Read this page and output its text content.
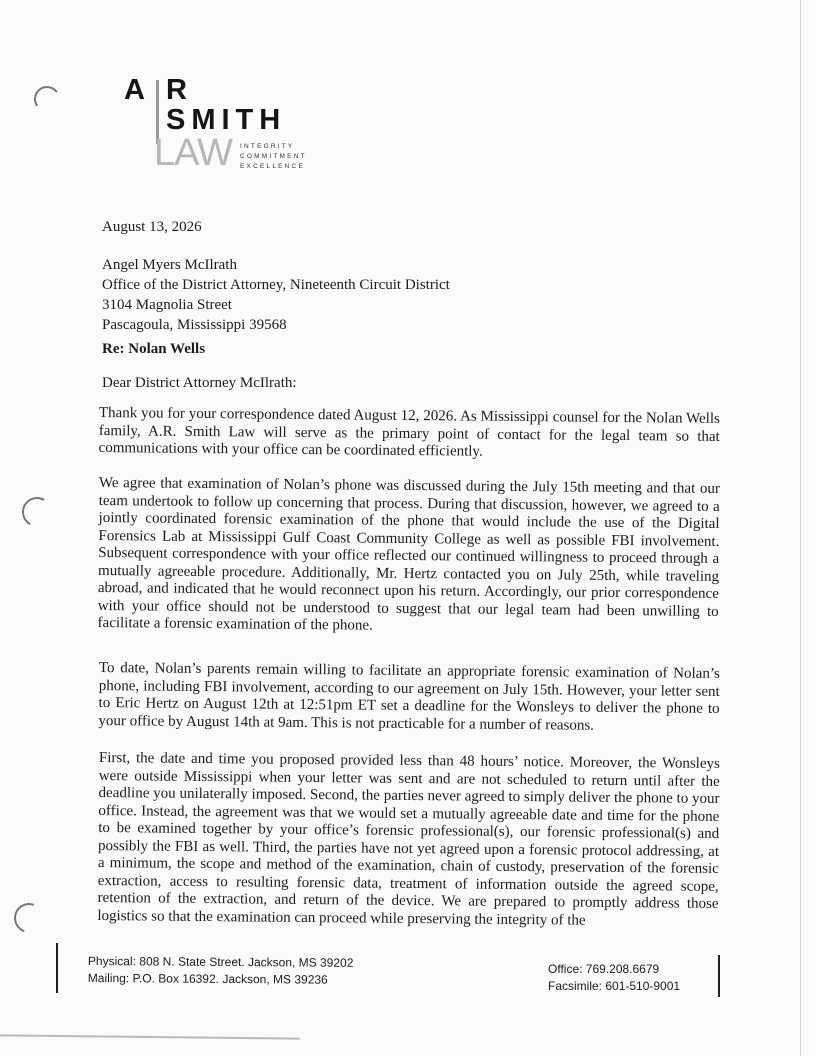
A R
SMITH
LAW INTEGRITY
COMMITMENT
EXCELLENCE
August 13, 2026
Angel Myers McIlrath
Office of the District Attorney, Nineteenth Circuit District
3104 Magnolia Street
Pascagoula, Mississippi 39568
Re: Nolan Wells
Dear District Attorney McIlrath:
Thank you for your correspondence dated August 12, 2026. As Mississippi counsel for the Nolan Wells family, A.R. Smith Law will serve as the primary point of contact for the legal team so that communications with your office can be coordinated efficiently.
We agree that examination of Nolan’s phone was discussed during the July 15th meeting and that our team undertook to follow up concerning that process. During that discussion, however, we agreed to a jointly coordinated forensic examination of the phone that would include the use of the Digital Forensics Lab at Mississippi Gulf Coast Community College as well as possible FBI involvement. Subsequent correspondence with your office reflected our continued willingness to proceed through a mutually agreeable procedure. Additionally, Mr. Hertz contacted you on July 25th, while traveling abroad, and indicated that he would reconnect upon his return. Accordingly, our prior correspondence with your office should not be understood to suggest that our legal team had been unwilling to facilitate a forensic examination of the phone.
To date, Nolan’s parents remain willing to facilitate an appropriate forensic examination of Nolan’s phone, including FBI involvement, according to our agreement on July 15th. However, your letter sent to Eric Hertz on August 12th at 12:51pm ET set a deadline for the Wonsleys to deliver the phone to your office by August 14th at 9am. This is not practicable for a number of reasons.
First, the date and time you proposed provided less than 48 hours’ notice. Moreover, the Wonsleys were outside Mississippi when your letter was sent and are not scheduled to return until after the deadline you unilaterally imposed. Second, the parties never agreed to simply deliver the phone to your office. Instead, the agreement was that we would set a mutually agreeable date and time for the phone to be examined together by your office’s forensic professional(s), our forensic professional(s) and possibly the FBI as well. Third, the parties have not yet agreed upon a forensic protocol addressing, at a minimum, the scope and method of the examination, chain of custody, preservation of the forensic extraction, access to resulting forensic data, treatment of information outside the agreed scope, retention of the extraction, and return of the device. We are prepared to promptly address those logistics so that the examination can proceed while preserving the integrity of the
Physical: 808 N. State Street. Jackson, MS 39202
Mailing: P.O. Box 16392. Jackson, MS 39236
Office: 769.208.6679
Facsimile: 601-510-9001
